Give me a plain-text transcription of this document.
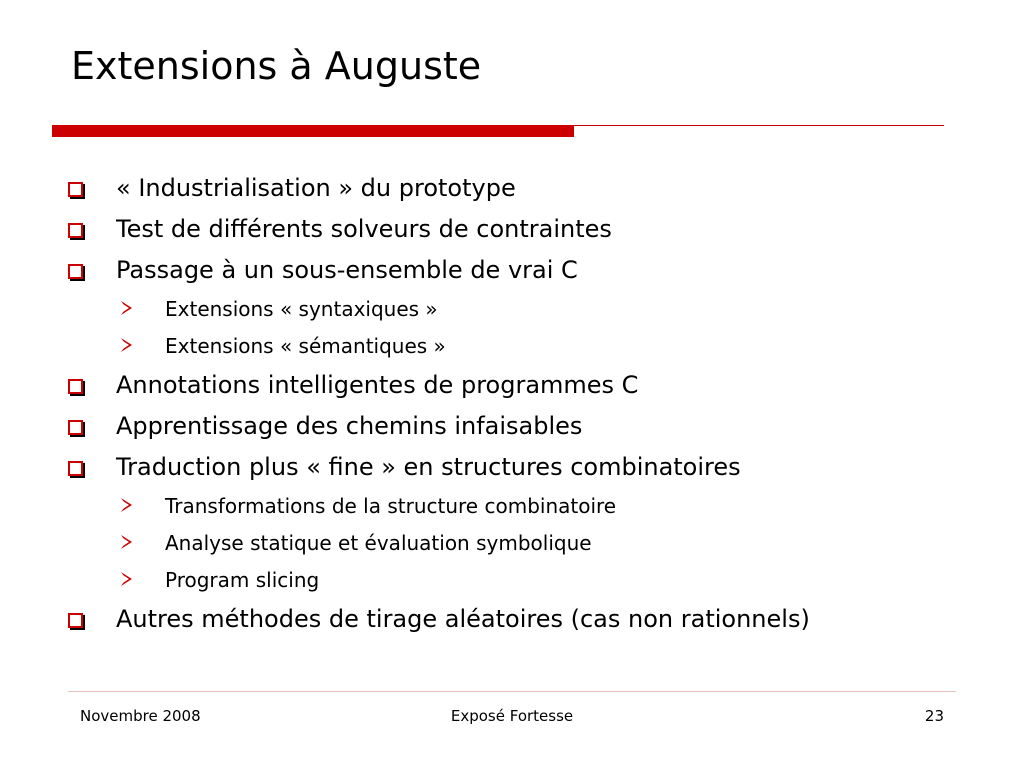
Extensions à Auguste
« Industrialisation » du prototype
Test de différents solveurs de contraintes
Passage à un sous-ensemble de vrai C
Extensions « syntaxiques »
Extensions « sémantiques »
Annotations intelligentes de programmes C
Apprentissage des chemins infaisables
Traduction plus « fine » en structures combinatoires
Transformations de la structure combinatoire
Analyse statique et évaluation symbolique
Program slicing
Autres méthodes de tirage aléatoires (cas non rationnels)
Novembre 2008	Exposé Fortesse	23
